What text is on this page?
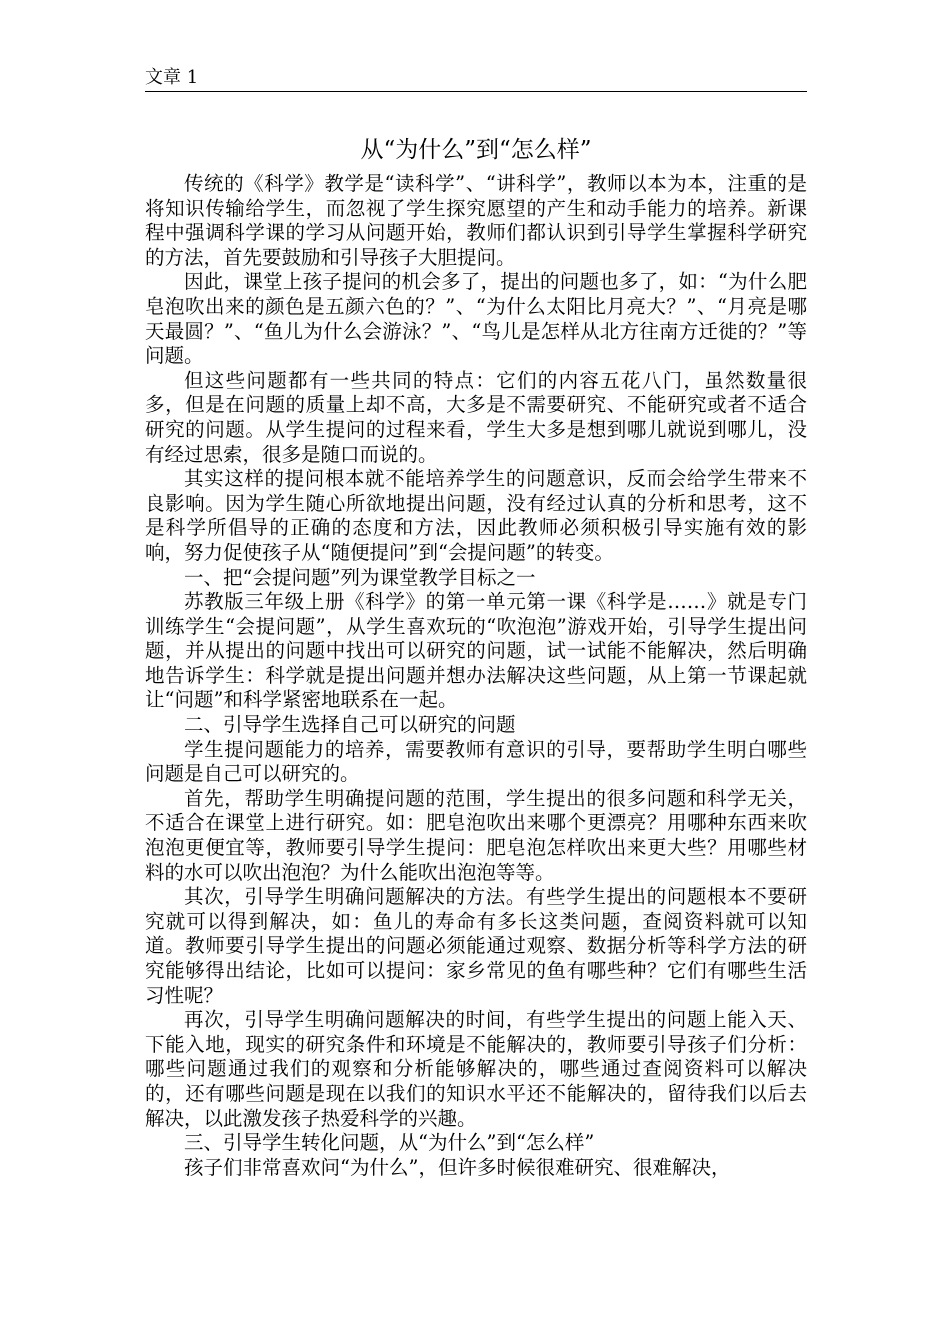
文章 1
从“为什么”到“怎么样”

传统的《科学》教学是“读科学”、“讲科学”，教师以本为本，注重的是将知识传输给学生，而忽视了学生探究愿望的产生和动手能力的培养。新课程中强调科学课的学习从问题开始，教师们都认识到引导学生掌握科学研究的方法，首先要鼓励和引导孩子大胆提问。

因此，课堂上孩子提问的机会多了，提出的问题也多了，如：“为什么肥皂泡吹出来的颜色是五颜六色的？”、“为什么太阳比月亮大？”、“月亮是哪天最圆？”、“鱼儿为什么会游泳？”、“鸟儿是怎样从北方往南方迁徙的？”等问题。

但这些问题都有一些共同的特点：它们的内容五花八门，虽然数量很多，但是在问题的质量上却不高，大多是不需要研究、不能研究或者不适合研究的问题。从学生提问的过程来看，学生大多是想到哪儿就说到哪儿，没有经过思索，很多是随口而说的。

其实这样的提问根本就不能培养学生的问题意识，反而会给学生带来不良影响。因为学生随心所欲地提出问题，没有经过认真的分析和思考，这不是科学所倡导的正确的态度和方法，因此教师必须积极引导实施有效的影响，努力促使孩子从“随便提问”到“会提问题”的转变。

一、把“会提问题”列为课堂教学目标之一

苏教版三年级上册《科学》的第一单元第一课《科学是……》就是专门训练学生“会提问题”，从学生喜欢玩的“吹泡泡”游戏开始，引导学生提出问题，并从提出的问题中找出可以研究的问题，试一试能不能解决，然后明确地告诉学生：科学就是提出问题并想办法解决这些问题，从上第一节课起就让“问题”和科学紧密地联系在一起。

二、引导学生选择自己可以研究的问题

学生提问题能力的培养，需要教师有意识的引导，要帮助学生明白哪些问题是自己可以研究的。

首先，帮助学生明确提问题的范围，学生提出的很多问题和科学无关，不适合在课堂上进行研究。如：肥皂泡吹出来哪个更漂亮？用哪种东西来吹泡泡更便宜等，教师要引导学生提问：肥皂泡怎样吹出来更大些？用哪些材料的水可以吹出泡泡？为什么能吹出泡泡等等。

其次，引导学生明确问题解决的方法。有些学生提出的问题根本不要研究就可以得到解决，如：鱼儿的寿命有多长这类问题，查阅资料就可以知道。教师要引导学生提出的问题必须能通过观察、数据分析等科学方法的研究能够得出结论，比如可以提问：家乡常见的鱼有哪些种？它们有哪些生活习性呢？

再次，引导学生明确问题解决的时间，有些学生提出的问题上能入天、下能入地，现实的研究条件和环境是不能解决的，教师要引导孩子们分析：哪些问题通过我们的观察和分析能够解决的，哪些通过查阅资料可以解决的，还有哪些问题是现在以我们的知识水平还不能解决的，留待我们以后去解决，以此激发孩子热爱科学的兴趣。

三、引导学生转化问题，从“为什么”到“怎么样”

孩子们非常喜欢问“为什么”，但许多时候很难研究、很难解决，
